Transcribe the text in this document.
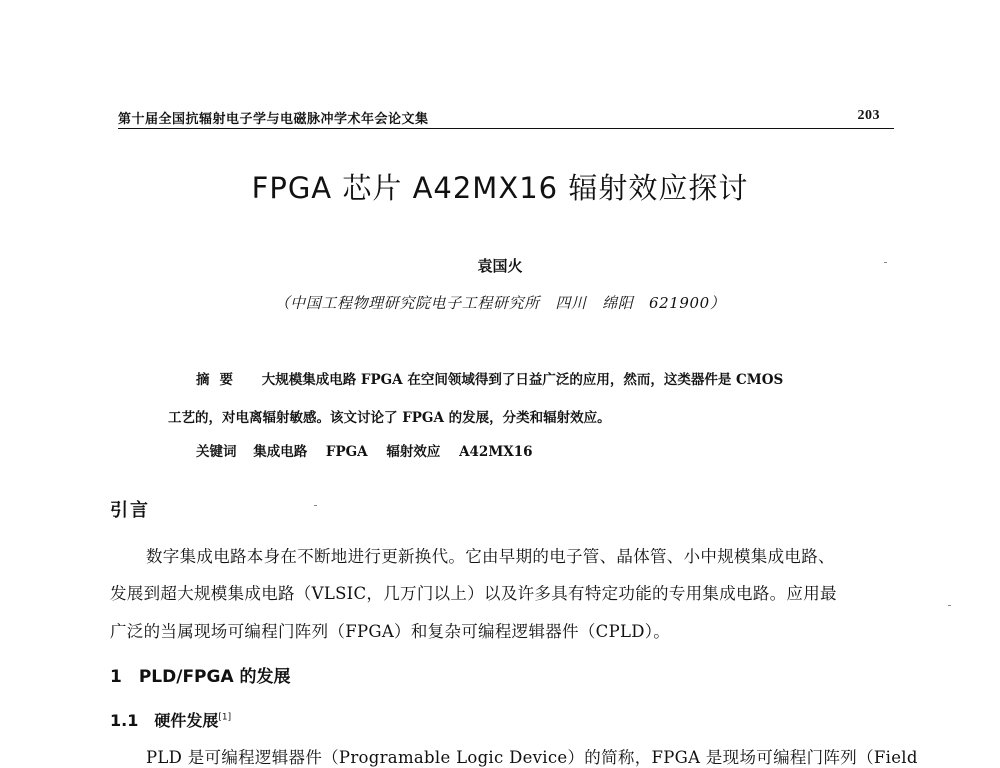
第十届全国抗辐射电子学与电磁脉冲学术年会论文集	203
FPGA 芯片 A42MX16 辐射效应探讨
袁国火
（中国工程物理研究院电子工程研究所　四川　绵阳　621900）
摘要 大规模集成电路 FPGA 在空间领域得到了日益广泛的应用，然而，这类器件是 CMOS
工艺的，对电离辐射敏感。该文讨论了 FPGA 的发展，分类和辐射效应。
关键词 集成电路 FPGA 辐射效应 A42MX16
引言
数字集成电路本身在不断地进行更新换代。它由早期的电子管、晶体管、小中规模集成电路、
发展到超大规模集成电路（VLSIC，几万门以上）以及许多具有特定功能的专用集成电路。应用最
广泛的当属现场可编程门阵列（FPGA）和复杂可编程逻辑器件（CPLD）。
1　PLD/FPGA 的发展
1.1　硬件发展[1]
PLD 是可编程逻辑器件（Programable Logic Device）的简称，FPGA 是现场可编程门阵列（Field
